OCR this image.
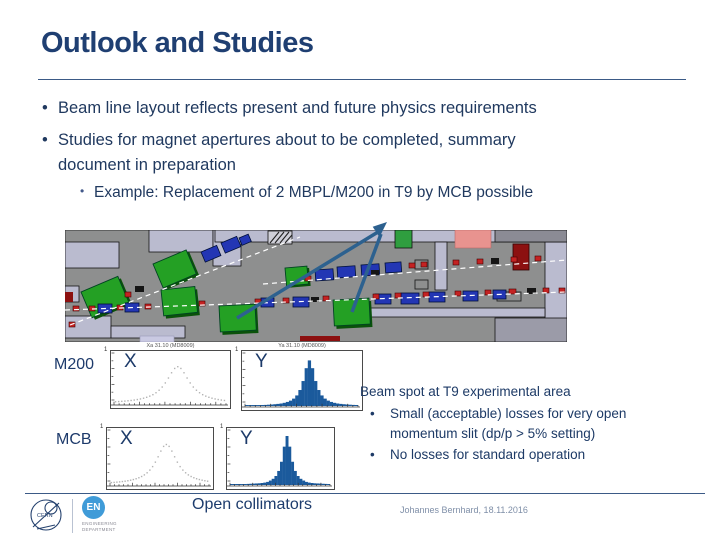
Outlook and Studies
• Beam line layout reflects present and future physics requirements
• Studies for magnet apertures about to be completed, summary
document in preparation
• Example: Replacement of 2 MBPL/M200 in T9 by MCB possible
M200
MCB
Xa 31.10 (MD8009)
1
X
Ya 31.10 (MD8009)
1
Y
1
X
1
Y
Beam spot at T9 experimental area
• Small (acceptable) losses for very open
momentum slit (dp/p > 5% setting)
• No losses for standard operation
CERN
EN
ENGINEERING
DEPARTMENT
Open collimators	Johannes Bernhard, 18.11.2016
